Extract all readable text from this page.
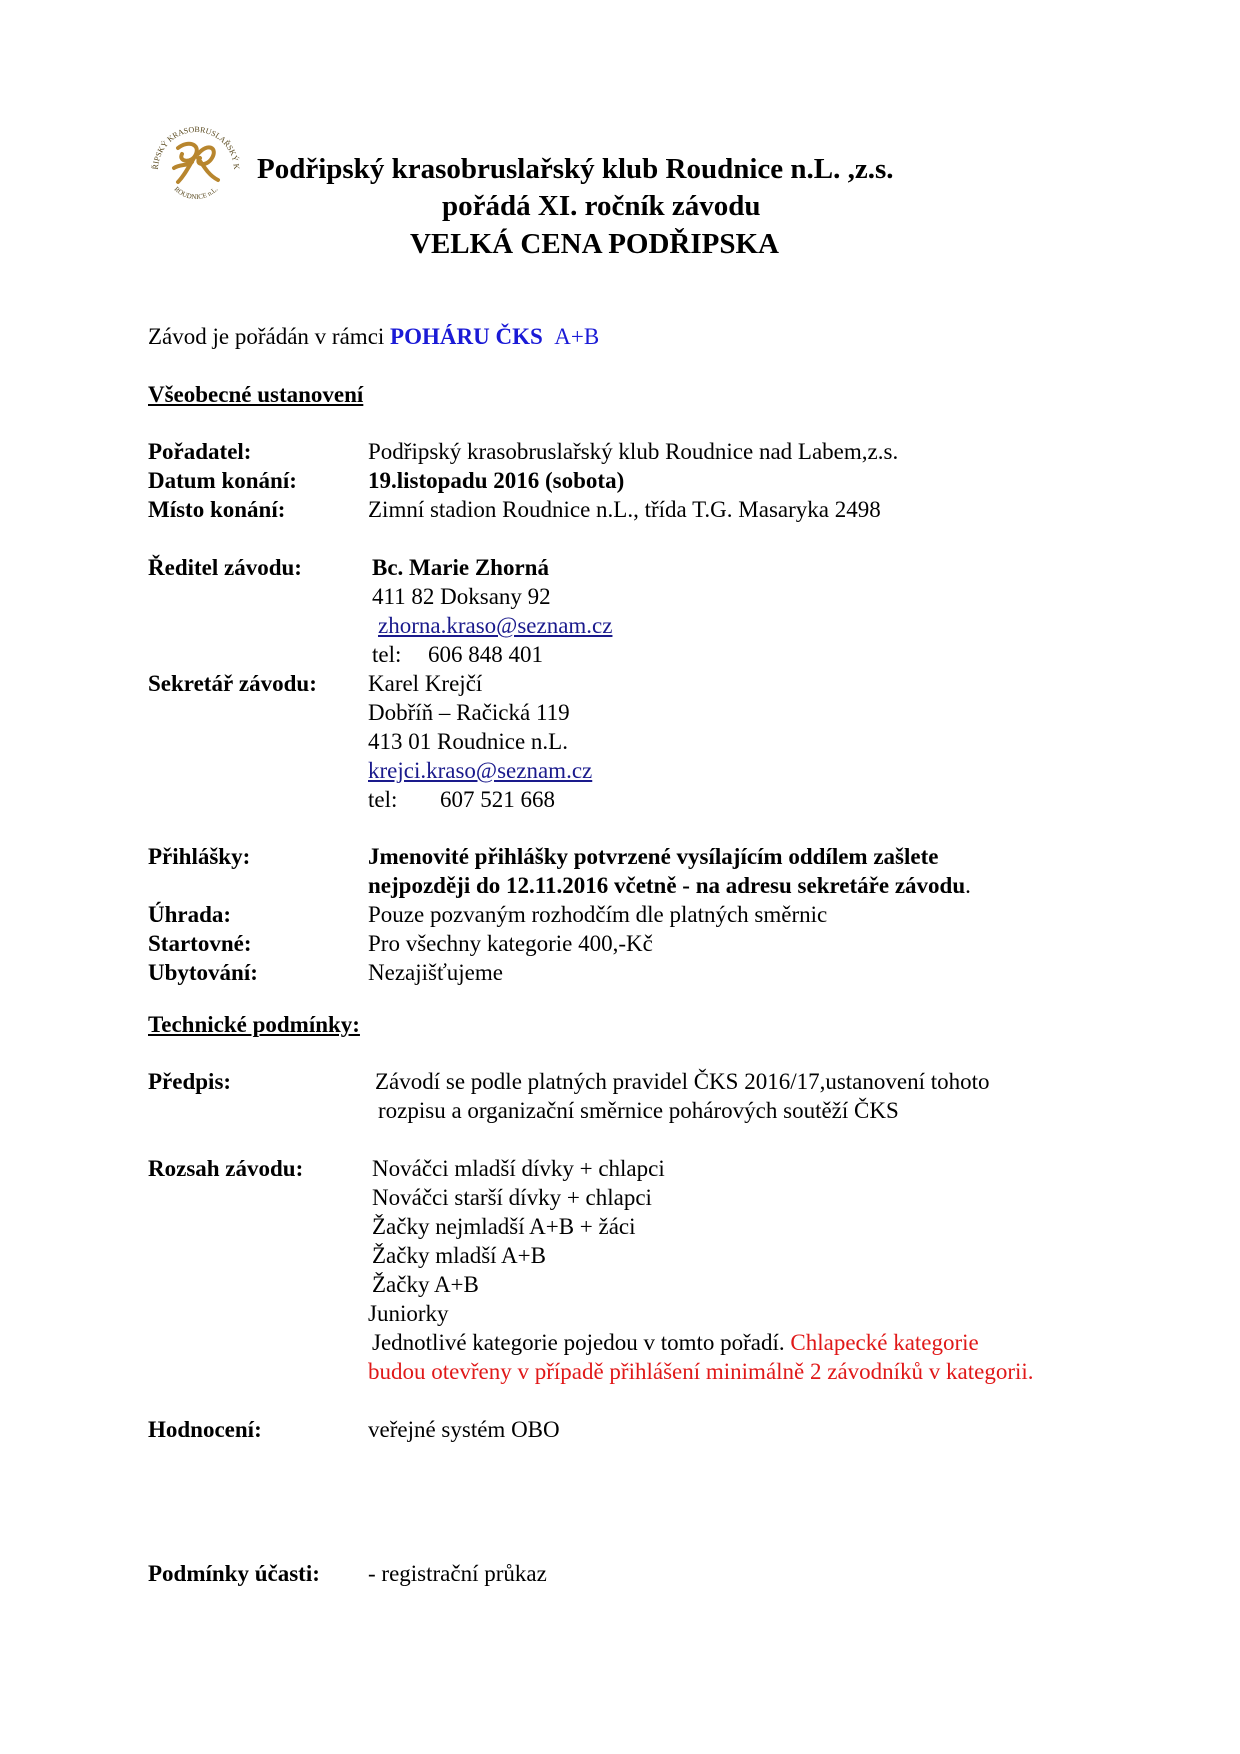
ŘIPSKÝ KRASOBRUSLAŘSKÝ K
ROUDNICE n.L.
Podřipský krasobruslařský klub Roudnice n.L. ,z.s.
pořádá XI. ročník závodu
VELKÁ CENA PODŘIPSKA
Závod je pořádán v rámci POHÁRU ČKS A+B
Všeobecné ustanovení
Pořadatel:	Podřipský krasobruslařský klub Roudnice nad Labem,z.s.
Datum konání:	19.listopadu 2016 (sobota)
Místo konání:	Zimní stadion Roudnice n.L., třída T.G. Masaryka 2498
Ředitel závodu:	Bc. Marie Zhorná
411 82 Doksany 92
zhorna.kraso@seznam.cz
tel: 606 848 401
Sekretář závodu: Karel Krejčí
Dobříň – Račická 119
413 01 Roudnice n.L.
krejci.kraso@seznam.cz
tel: 607 521 668
Přihlášky:	Jmenovité přihlášky potvrzené vysílajícím oddílem zašlete
nejpozději do 12.11.2016 včetně - na adresu sekretáře závodu.
Úhrada:	Pouze pozvaným rozhodčím dle platných směrnic
Startovné:	Pro všechny kategorie 400,-Kč
Ubytování:	Nezajišťujeme
Technické podmínky:
Předpis:	Závodí se podle platných pravidel ČKS 2016/17,ustanovení tohoto
rozpisu a organizační směrnice pohárových soutěží ČKS
Rozsah závodu:	Nováčci mladší dívky + chlapci
Nováčci starší dívky + chlapci
Žačky nejmladší A+B + žáci
Žačky mladší A+B
Žačky A+B
Juniorky
Jednotlivé kategorie pojedou v tomto pořadí. Chlapecké kategorie
budou otevřeny v případě přihlášení minimálně 2 závodníků v kategorii.
Hodnocení:	veřejné systém OBO
Podmínky účasti: - registrační průkaz
